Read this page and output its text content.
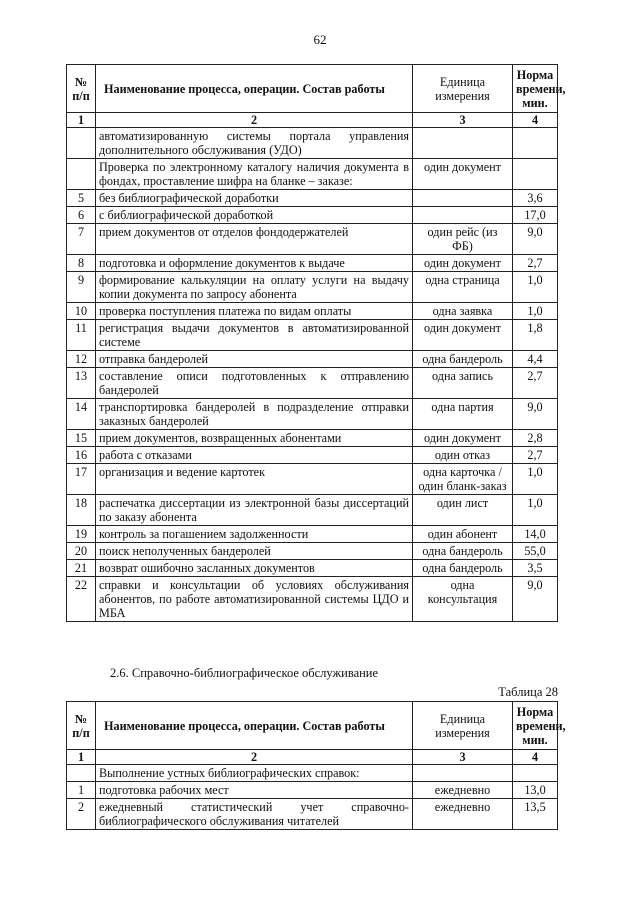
62
№ п/п	Наименование процесса, операции. Состав работы	Единица измерения	Норма времени, мин.
1	2	3	4
	автоматизированную системы портала управления дополнительного обслуживания (УДО)		
	Проверка по электронному каталогу наличия документа в фондах, проставление шифра на бланке – заказе:	один документ	
5	без библиографической доработки		3,6
6	с библиографической доработкой		17,0
7	прием документов от отделов фондодержателей	один рейс (из ФБ)	9,0
8	подготовка и оформление документов к выдаче	один документ	2,7
9	формирование калькуляции на оплату услуги на выдачу копии документа по запросу абонента	одна страница	1,0
10	проверка поступления платежа по видам оплаты	одна заявка	1,0
11	регистрация выдачи документов в автоматизированной системе	один документ	1,8
12	отправка бандеролей	одна бандероль	4,4
13	составление описи подготовленных к отправлению бандеролей	одна запись	2,7
14	транспортировка бандеролей в подразделение отправки заказных бандеролей	одна партия	9,0
15	прием документов, возвращенных абонентами	один документ	2,8
16	работа с отказами	один отказ	2,7
17	организация и ведение картотек	одна карточка /один бланк-заказ	1,0
18	распечатка диссертации из электронной базы диссертаций по заказу абонента	один лист	1,0
19	контроль за погашением задолженности	один абонент	14,0
20	поиск неполученных бандеролей	одна бандероль	55,0
21	возврат ошибочно засланных документов	одна бандероль	3,5
22	справки и консультации об условиях обслуживания абонентов, по работе автоматизированной системы ЦДО и МБА	одна консультация	9,0
2.6. Справочно-библиографическое обслуживание
Таблица 28
№ п/п	Наименование процесса, операции. Состав работы	Единица измерения	Норма времени, мин.
1	2	3	4
	Выполнение устных библиографических справок:		
1	подготовка рабочих мест	ежедневно	13,0
2	ежедневный статистический учет справочно-библиографического обслуживания читателей	ежедневно	13,5
